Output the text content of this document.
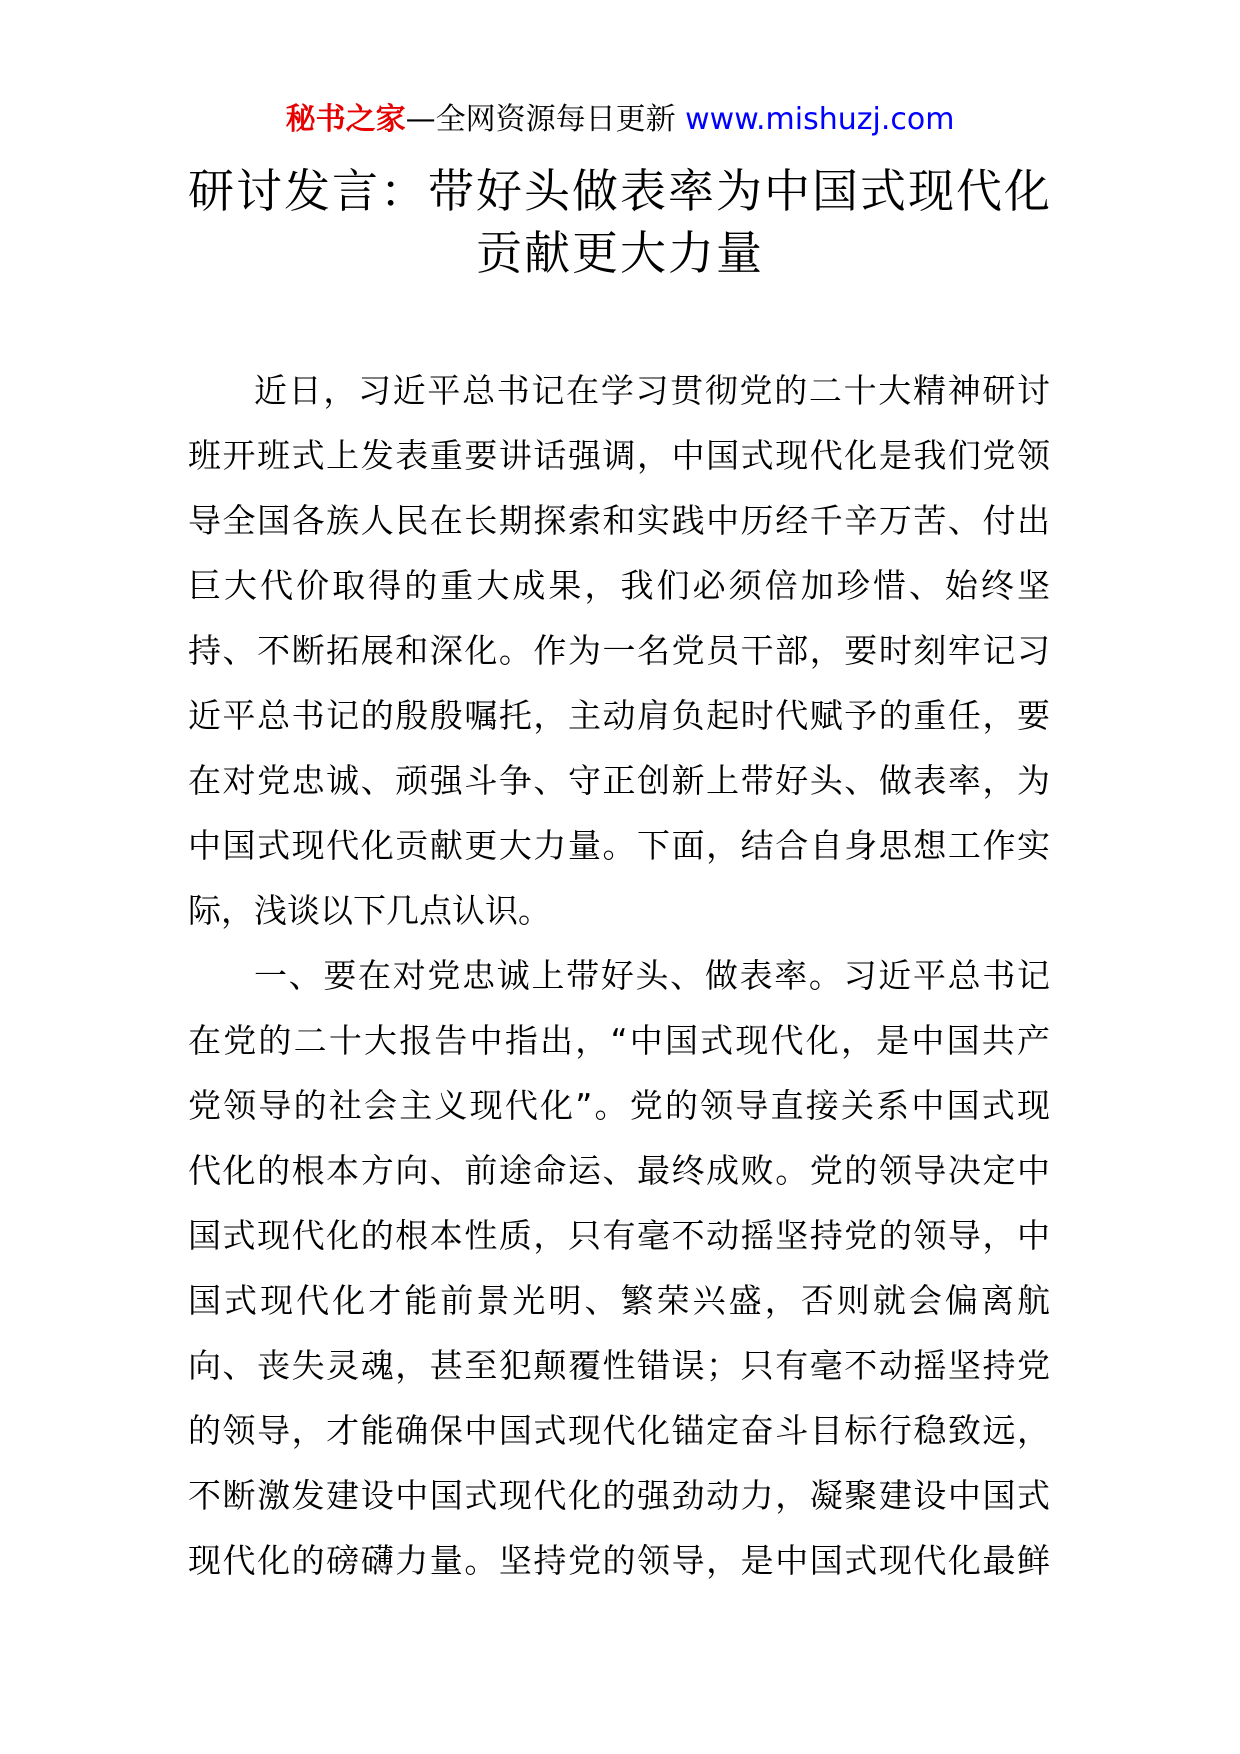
秘书之家—全网资源每日更新 www.mishuzj.com
研讨发言：带好头做表率为中国式现代化
贡献更大力量
近日，习近平总书记在学习贯彻党的二十大精神研讨
班开班式上发表重要讲话强调，中国式现代化是我们党领
导全国各族人民在长期探索和实践中历经千辛万苦、付出
巨大代价取得的重大成果，我们必须倍加珍惜、始终坚
持、不断拓展和深化。作为一名党员干部，要时刻牢记习
近平总书记的殷殷嘱托，主动肩负起时代赋予的重任，要
在对党忠诚、顽强斗争、守正创新上带好头、做表率，为
中国式现代化贡献更大力量。下面，结合自身思想工作实
际，浅谈以下几点认识。
一、要在对党忠诚上带好头、做表率。习近平总书记
在党的二十大报告中指出，“中国式现代化，是中国共产
党领导的社会主义现代化”。党的领导直接关系中国式现
代化的根本方向、前途命运、最终成败。党的领导决定中
国式现代化的根本性质，只有毫不动摇坚持党的领导，中
国式现代化才能前景光明、繁荣兴盛，否则就会偏离航
向、丧失灵魂，甚至犯颠覆性错误；只有毫不动摇坚持党
的领导，才能确保中国式现代化锚定奋斗目标行稳致远，
不断激发建设中国式现代化的强劲动力，凝聚建设中国式
现代化的磅礴力量。坚持党的领导，是中国式现代化最鲜
